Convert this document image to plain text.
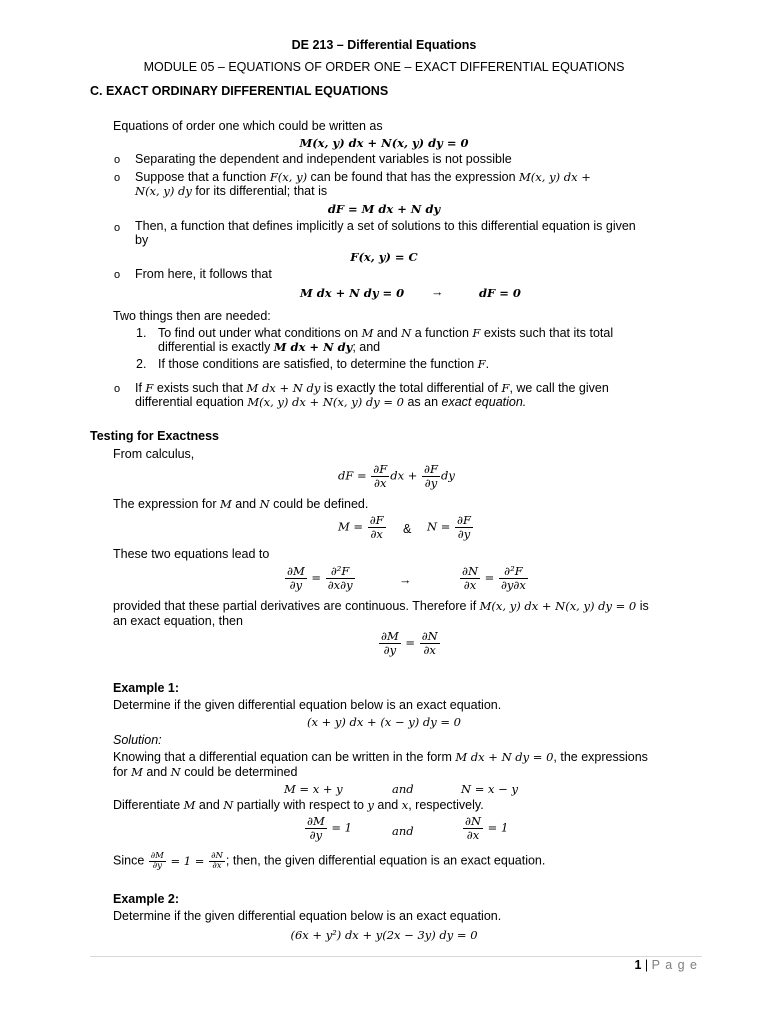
DE 213 – Differential Equations
MODULE 05 – EQUATIONS OF ORDER ONE – EXACT DIFFERENTIAL EQUATIONS
C. EXACT ORDINARY DIFFERENTIAL EQUATIONS
Equations of order one which could be written as
M(x, y) dx + N(x, y) dy = 0
o Separating the dependent and independent variables is not possible
o Suppose that a function F(x, y) can be found that has the expression M(x, y) dx +
N(x, y) dy for its differential; that is
dF = M dx + N dy
o Then, a function that defines implicitly a set of solutions to this differential equation is given
by
F(x, y) = C
o From here, it follows that
M dx + N dy = 0 →	dF = 0
Two things then are needed:
1. To find out under what conditions on M and N a function F exists such that its total
differential is exactly M dx + N dy; and
2. If those conditions are satisfied, to determine the function F.
o If F exists such that M dx + N dy is exactly the total differential of F, we call the given
differential equation M(x, y) dx + N(x, y) dy = 0 as an exact equation.
Testing for Exactness
From calculus,
dF = $\frac{\partial F}{\partial x}$ dx + $\frac{\partial F}{\partial y}$ dy
The expression for M and N could be defined.
$M = \frac{\partial F}{\partial x}$ & $N = \frac{\partial F}{\partial y}$
These two equations lead to
$\frac{\partial M}{\partial y} = \frac{\text{∂²F}}{\partial x\partial y}$	→	$\frac{\partial N}{\partial x} = \frac{\text{∂²F}}{\partial y\partial x}$
provided that these partial derivatives are continuous. Therefore if M(x, y) dx + N(x, y) dy = 0 is
an exact equation, then
$\frac{\partial M}{\partial y} = \frac{\partial N}{\partial x}$
Example 1:
Determine if the given differential equation below is an exact equation.
(x + y) dx + (x − y) dy = 0
Solution:
Knowing that a differential equation can be written in the form M dx + N dy = 0, the expressions
for M and N could be determined
M = x + y	and	N = x − y
Differentiate M and N partially with respect to y and x, respectively.
$\frac{\partial M}{\partial y} = 1$	and	$\frac{\partial N}{\partial x} = 1$
Since $\frac{\partial M}{\partial y} = 1 = \frac{\partial N}{\partial x}$ ; then, the given differential equation is an exact equation.
Example 2:
Determine if the given differential equation below is an exact equation.
(6x + y²) dx + y(2x − 3y) dy = 0
1 | P a g e
